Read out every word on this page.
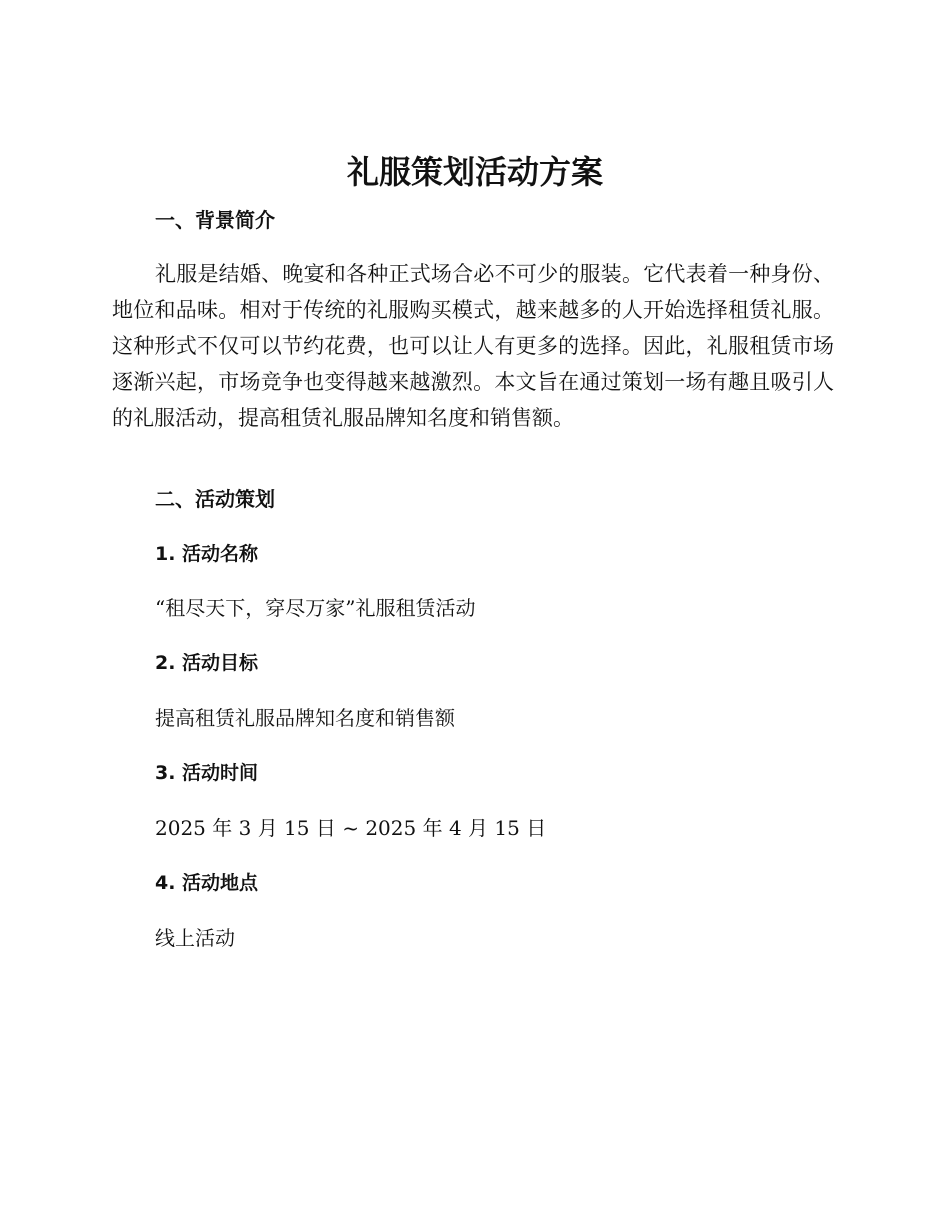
礼服策划活动方案
一、背景简介

礼服是结婚、晚宴和各种正式场合必不可少的服装。它代表着一种身份、地位和品味。相对于传统的礼服购买模式，越来越多的人开始选择租赁礼服。这种形式不仅可以节约花费，也可以让人有更多的选择。因此，礼服租赁市场逐渐兴起，市场竞争也变得越来越激烈。本文旨在通过策划一场有趣且吸引人的礼服活动，提高租赁礼服品牌知名度和销售额。

二、活动策划
1. 活动名称

“租尽天下，穿尽万家”礼服租赁活动

2. 活动目标

提高租赁礼服品牌知名度和销售额

3. 活动时间

2025 年 3 月 15 日 ~ 2025 年 4 月 15 日

4. 活动地点

线上活动
